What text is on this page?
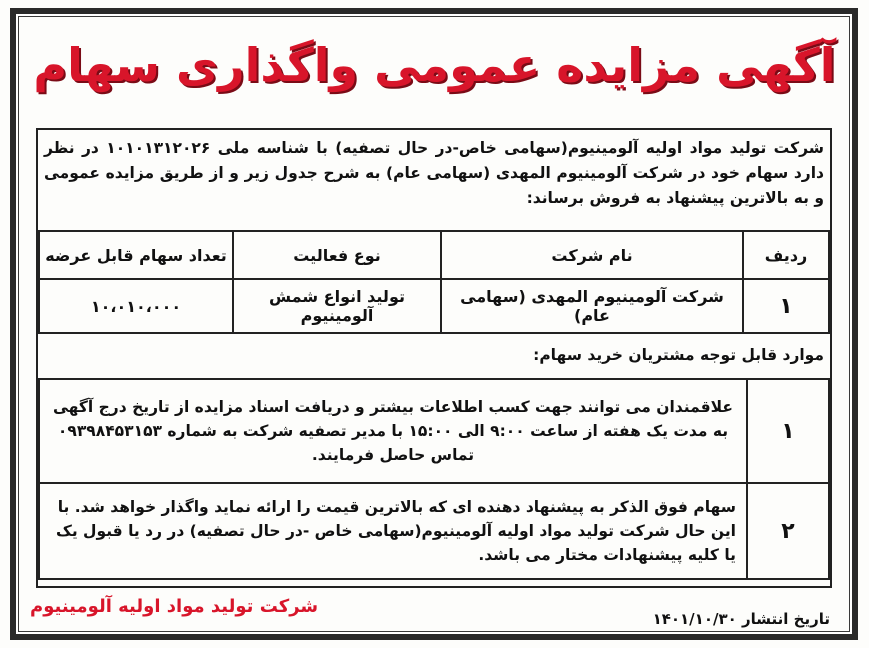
آگهی مزایده عمومی واگذاری سهام
شرکت تولید مواد اولیه آلومینیوم(سهامی خاص-در حال تصفیه) با شناسه ملی ۱۰۱۰۱۳۱۲۰۲۶ در نظر دارد سهام خود در شرکت آلومینیوم المهدی (سهامی عام) به شرح جدول زیر و از طریق مزایده عمومی و به بالاترین پیشنهاد به فروش برساند:
ردیف	نام شرکت	نوع فعالیت	تعداد سهام قابل عرضه
۱	شرکت آلومینیوم المهدی (سهامی عام)	تولید انواع شمش آلومینیوم	۱۰،۰۱۰،۰۰۰
موارد قابل توجه مشتریان خرید سهام:
۱	علاقمندان می توانند جهت کسب اطلاعات بیشتر و دریافت اسناد مزایده از تاریخ درج آگهی به مدت یک هفته از ساعت ۹:۰۰ الی ۱۵:۰۰ با مدیر تصفیه شرکت به شماره ۰۹۳۹۸۴۵۳۱۵۳ تماس حاصل فرمایند.
۲	سهام فوق الذکر به پیشنهاد دهنده ای که بالاترین قیمت را ارائه نماید واگذار خواهد شد. با این حال شرکت تولید مواد اولیه آلومینیوم(سهامی خاص -در حال تصفیه) در رد یا قبول یک یا کلیه پیشنهادات مختار می باشد.
شرکت تولید مواد اولیه آلومینیوم
تاریخ انتشار ۱۴۰۱/۱۰/۳۰
